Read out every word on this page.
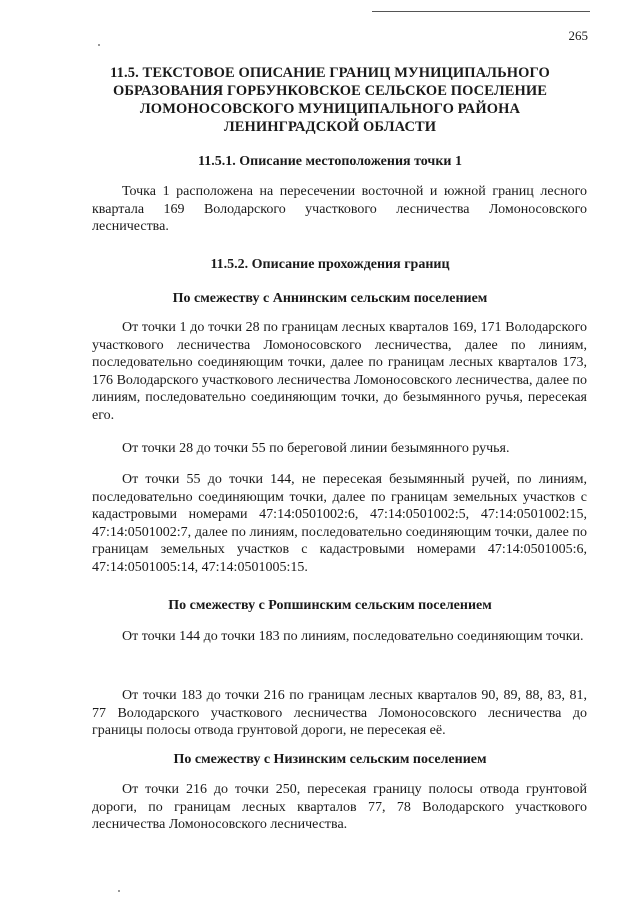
265
11.5. ТЕКСТОВОЕ ОПИСАНИЕ ГРАНИЦ МУНИЦИПАЛЬНОГО
ОБРАЗОВАНИЯ ГОРБУНКОВСКОЕ СЕЛЬСКОЕ ПОСЕЛЕНИЕ
ЛОМОНОСОВСКОГО МУНИЦИПАЛЬНОГО РАЙОНА
ЛЕНИНГРАДСКОЙ ОБЛАСТИ
11.5.1. Описание местоположения точки 1
Точка 1 расположена на пересечении восточной и южной границ лесного квартала 169 Володарского участкового лесничества Ломоносовского лесничества.
11.5.2. Описание прохождения границ
По смежеству с Аннинским сельским поселением
От точки 1 до точки 28 по границам лесных кварталов 169, 171 Володарского участкового лесничества Ломоносовского лесничества, далее по линиям, последовательно соединяющим точки, далее по границам лесных кварталов 173, 176 Володарского участкового лесничества Ломоносовского лесничества, далее по линиям, последовательно соединяющим точки, до безымянного ручья, пересекая его.
От точки 28 до точки 55 по береговой линии безымянного ручья.
От точки 55 до точки 144, не пересекая безымянный ручей, по линиям, последовательно соединяющим точки, далее по границам земельных участков с кадастровыми номерами 47:14:0501002:6, 47:14:0501002:5, 47:14:0501002:15, 47:14:0501002:7, далее по линиям, последовательно соединяющим точки, далее по границам земельных участков с кадастровыми номерами 47:14:0501005:6, 47:14:0501005:14, 47:14:0501005:15.
По смежеству с Ропшинским сельским поселением
От точки 144 до точки 183 по линиям, последовательно соединяющим точки.
От точки 183 до точки 216 по границам лесных кварталов 90, 89, 88, 83, 81, 77 Володарского участкового лесничества Ломоносовского лесничества до границы полосы отвода грунтовой дороги, не пересекая её.
По смежеству с Низинским сельским поселением
От точки 216 до точки 250, пересекая границу полосы отвода грунтовой дороги, по границам лесных кварталов 77, 78 Володарского участкового лесничества Ломоносовского лесничества.
